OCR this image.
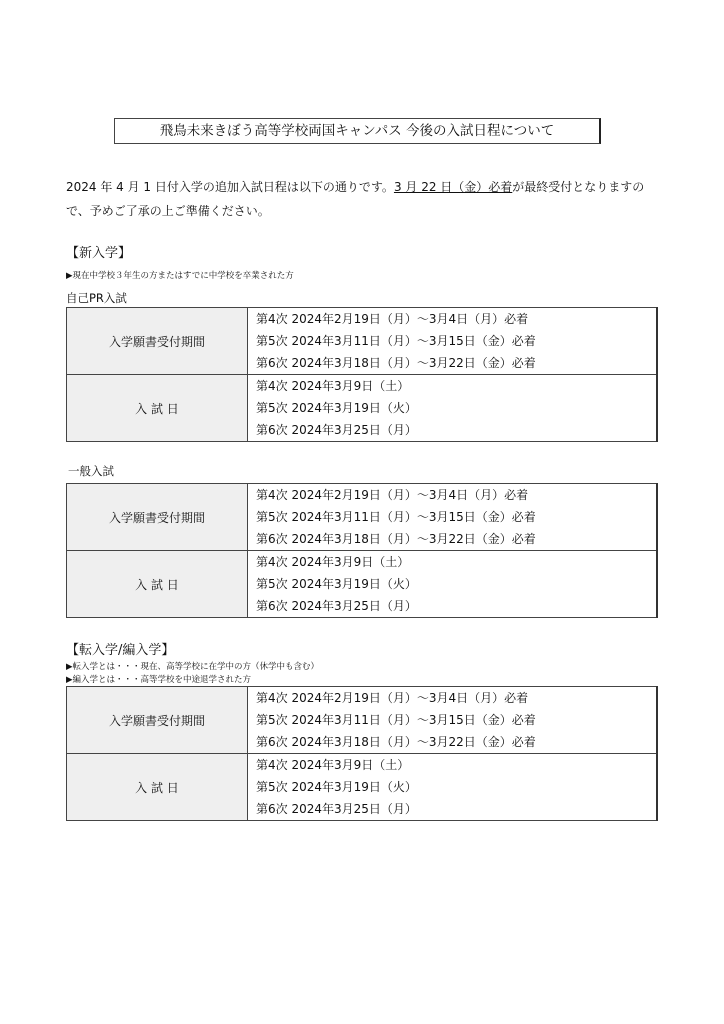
飛鳥未来きぼう高等学校両国キャンパス 今後の入試日程について
2024 年 4 月 1 日付入学の追加入試日程は以下の通りです。3 月 22 日（金）必着が最終受付となりますの
で、予めご了承の上ご準備ください。
【新入学】
▶現在中学校３年生の方またはすでに中学校を卒業された方
自己PR入試
入学願書受付期間	第4次 2024年2月19日（月）～3月4日（月）必着
第5次 2024年3月11日（月）～3月15日（金）必着
第6次 2024年3月18日（月）～3月22日（金）必着

入 試 日	第4次 2024年3月9日（土）
第5次 2024年3月19日（火）
第6次 2024年3月25日（月）
一般入試
入学願書受付期間	第4次 2024年2月19日（月）～3月4日（月）必着
第5次 2024年3月11日（月）～3月15日（金）必着
第6次 2024年3月18日（月）～3月22日（金）必着

入 試 日	第4次 2024年3月9日（土）
第5次 2024年3月19日（火）
第6次 2024年3月25日（月）
【転入学/編入学】
▶転入学とは・・・現在、高等学校に在学中の方（休学中も含む）
▶編入学とは・・・高等学校を中途退学された方
入学願書受付期間	第4次 2024年2月19日（月）～3月4日（月）必着
第5次 2024年3月11日（月）～3月15日（金）必着
第6次 2024年3月18日（月）～3月22日（金）必着

入 試 日	第4次 2024年3月9日（土）
第5次 2024年3月19日（火）
第6次 2024年3月25日（月）
